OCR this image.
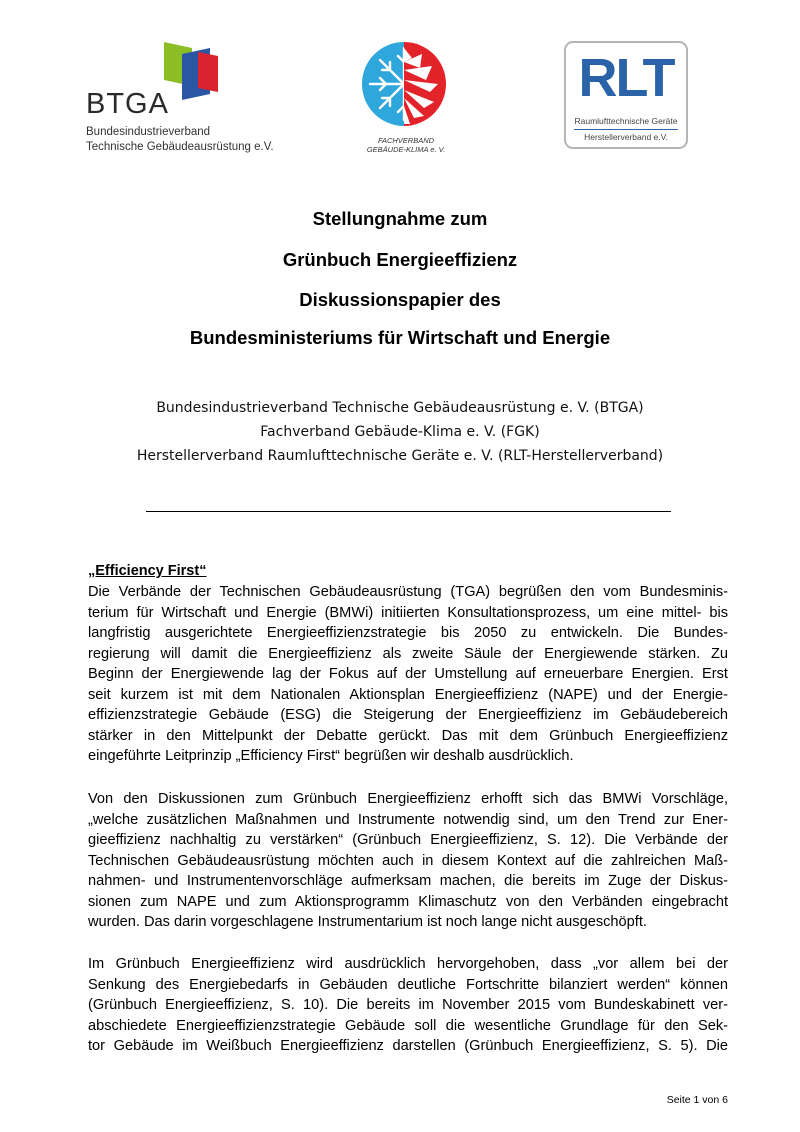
BTGA
Bundesindustrieverband
Technische Gebäudeausrüstung e.V.
FACHVERBAND
GEBÄUDE-KLIMA e. V.
RLT
Raumlufttechnische Geräte
Herstellerverband e.V.
Stellungnahme zum
Grünbuch Energieeffizienz
Diskussionspapier des
Bundesministeriums für Wirtschaft und Energie
Bundesindustrieverband Technische Gebäudeausrüstung e. V. (BTGA)
Fachverband Gebäude-Klima e. V. (FGK)
Herstellerverband Raumlufttechnische Geräte e. V. (RLT-Herstellerverband)
„Efficiency First“
Die Verbände der Technischen Gebäudeausrüstung (TGA) begrüßen den vom Bundesminis-
terium für Wirtschaft und Energie (BMWi) initiierten Konsultationsprozess, um eine mittel- bis
langfristig ausgerichtete Energieeffizienzstrategie bis 2050 zu entwickeln. Die Bundes-
regierung will damit die Energieeffizienz als zweite Säule der Energiewende stärken. Zu
Beginn der Energiewende lag der Fokus auf der Umstellung auf erneuerbare Energien. Erst
seit kurzem ist mit dem Nationalen Aktionsplan Energieeffizienz (NAPE) und der Energie-
effizienzstrategie Gebäude (ESG) die Steigerung der Energieeffizienz im Gebäudebereich
stärker in den Mittelpunkt der Debatte gerückt. Das mit dem Grünbuch Energieeffizienz
eingeführte Leitprinzip „Efficiency First“ begrüßen wir deshalb ausdrücklich.
Von den Diskussionen zum Grünbuch Energieeffizienz erhofft sich das BMWi Vorschläge,
„welche zusätzlichen Maßnahmen und Instrumente notwendig sind, um den Trend zur Ener-
gieeffizienz nachhaltig zu verstärken“ (Grünbuch Energieeffizienz, S. 12). Die Verbände der
Technischen Gebäudeausrüstung möchten auch in diesem Kontext auf die zahlreichen Maß-
nahmen- und Instrumentenvorschläge aufmerksam machen, die bereits im Zuge der Diskus-
sionen zum NAPE und zum Aktionsprogramm Klimaschutz von den Verbänden eingebracht
wurden. Das darin vorgeschlagene Instrumentarium ist noch lange nicht ausgeschöpft.
Im Grünbuch Energieeffizienz wird ausdrücklich hervorgehoben, dass „vor allem bei der
Senkung des Energiebedarfs in Gebäuden deutliche Fortschritte bilanziert werden“ können
(Grünbuch Energieeffizienz, S. 10). Die bereits im November 2015 vom Bundeskabinett ver-
abschiedete Energieeffizienzstrategie Gebäude soll die wesentliche Grundlage für den Sek-
tor Gebäude im Weißbuch Energieeffizienz darstellen (Grünbuch Energieeffizienz, S. 5). Die
Seite 1 von 6
